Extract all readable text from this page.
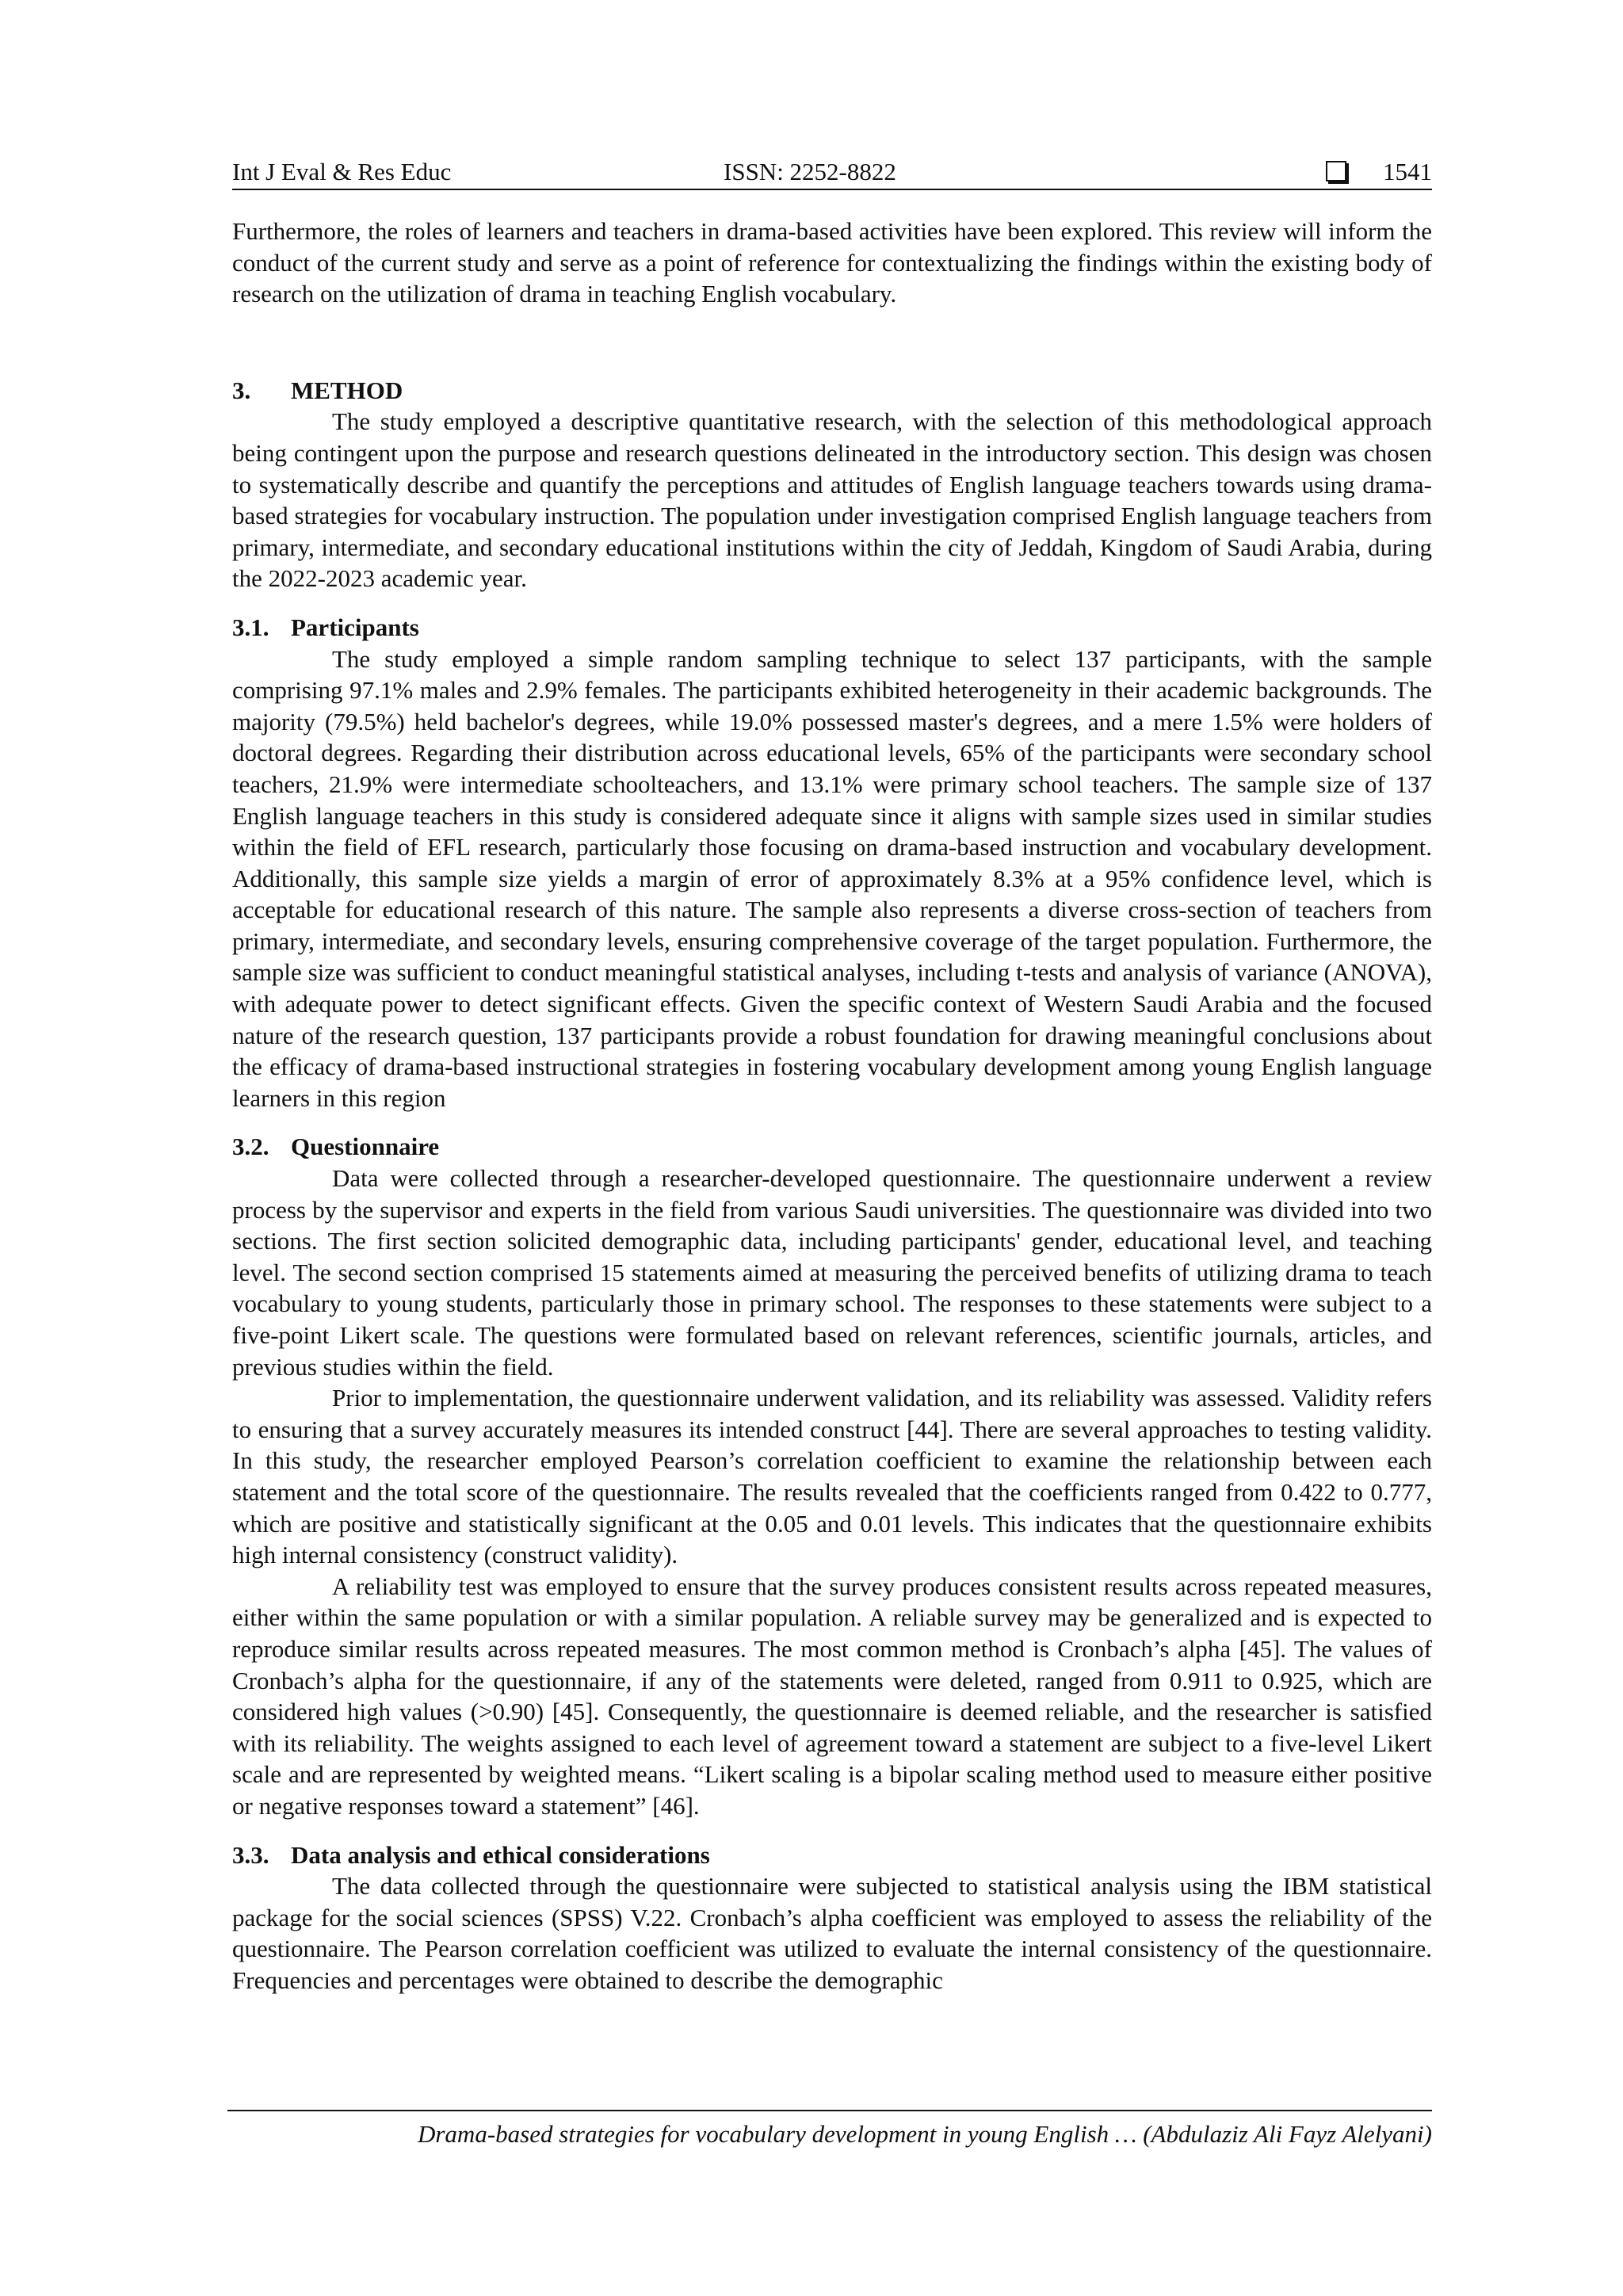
Int J Eval & Res Educ	ISSN: 2252-8822	1541

Furthermore, the roles of learners and teachers in drama-based activities have been explored. This review will inform the conduct of the current study and serve as a point of reference for contextualizing the findings within the existing body of research on the utilization of drama in teaching English vocabulary.

3. METHOD

The study employed a descriptive quantitative research, with the selection of this methodological approach being contingent upon the purpose and research questions delineated in the introductory section. This design was chosen to systematically describe and quantify the perceptions and attitudes of English language teachers towards using drama-based strategies for vocabulary instruction. The population under investigation comprised English language teachers from primary, intermediate, and secondary educational institutions within the city of Jeddah, Kingdom of Saudi Arabia, during the 2022-2023 academic year.

3.1. Participants

The study employed a simple random sampling technique to select 137 participants, with the sample comprising 97.1% males and 2.9% females. The participants exhibited heterogeneity in their academic backgrounds. The majority (79.5%) held bachelor's degrees, while 19.0% possessed master's degrees, and a mere 1.5% were holders of doctoral degrees. Regarding their distribution across educational levels, 65% of the participants were secondary school teachers, 21.9% were intermediate schoolteachers, and 13.1% were primary school teachers. The sample size of 137 English language teachers in this study is considered adequate since it aligns with sample sizes used in similar studies within the field of EFL research, particularly those focusing on drama-based instruction and vocabulary development. Additionally, this sample size yields a margin of error of approximately 8.3% at a 95% confidence level, which is acceptable for educational research of this nature. The sample also represents a diverse cross-section of teachers from primary, intermediate, and secondary levels, ensuring comprehensive coverage of the target population. Furthermore, the sample size was sufficient to conduct meaningful statistical analyses, including t-tests and analysis of variance (ANOVA), with adequate power to detect significant effects. Given the specific context of Western Saudi Arabia and the focused nature of the research question, 137 participants provide a robust foundation for drawing meaningful conclusions about the efficacy of drama-based instructional strategies in fostering vocabulary development among young English language learners in this region

3.2. Questionnaire

Data were collected through a researcher-developed questionnaire. The questionnaire underwent a review process by the supervisor and experts in the field from various Saudi universities. The questionnaire was divided into two sections. The first section solicited demographic data, including participants' gender, educational level, and teaching level. The second section comprised 15 statements aimed at measuring the perceived benefits of utilizing drama to teach vocabulary to young students, particularly those in primary school. The responses to these statements were subject to a five-point Likert scale. The questions were formulated based on relevant references, scientific journals, articles, and previous studies within the field.

Prior to implementation, the questionnaire underwent validation, and its reliability was assessed. Validity refers to ensuring that a survey accurately measures its intended construct [44]. There are several approaches to testing validity. In this study, the researcher employed Pearson’s correlation coefficient to examine the relationship between each statement and the total score of the questionnaire. The results revealed that the coefficients ranged from 0.422 to 0.777, which are positive and statistically significant at the 0.05 and 0.01 levels. This indicates that the questionnaire exhibits high internal consistency (construct validity).

A reliability test was employed to ensure that the survey produces consistent results across repeated measures, either within the same population or with a similar population. A reliable survey may be generalized and is expected to reproduce similar results across repeated measures. The most common method is Cronbach’s alpha [45]. The values of Cronbach’s alpha for the questionnaire, if any of the statements were deleted, ranged from 0.911 to 0.925, which are considered high values (>0.90) [45]. Consequently, the questionnaire is deemed reliable, and the researcher is satisfied with its reliability. The weights assigned to each level of agreement toward a statement are subject to a five-level Likert scale and are represented by weighted means. “Likert scaling is a bipolar scaling method used to measure either positive or negative responses toward a statement” [46].

3.3. Data analysis and ethical considerations

The data collected through the questionnaire were subjected to statistical analysis using the IBM statistical package for the social sciences (SPSS) V.22. Cronbach’s alpha coefficient was employed to assess the reliability of the questionnaire. The Pearson correlation coefficient was utilized to evaluate the internal consistency of the questionnaire. Frequencies and percentages were obtained to describe the demographic

Drama-based strategies for vocabulary development in young English … (Abdulaziz Ali Fayz Alelyani)
